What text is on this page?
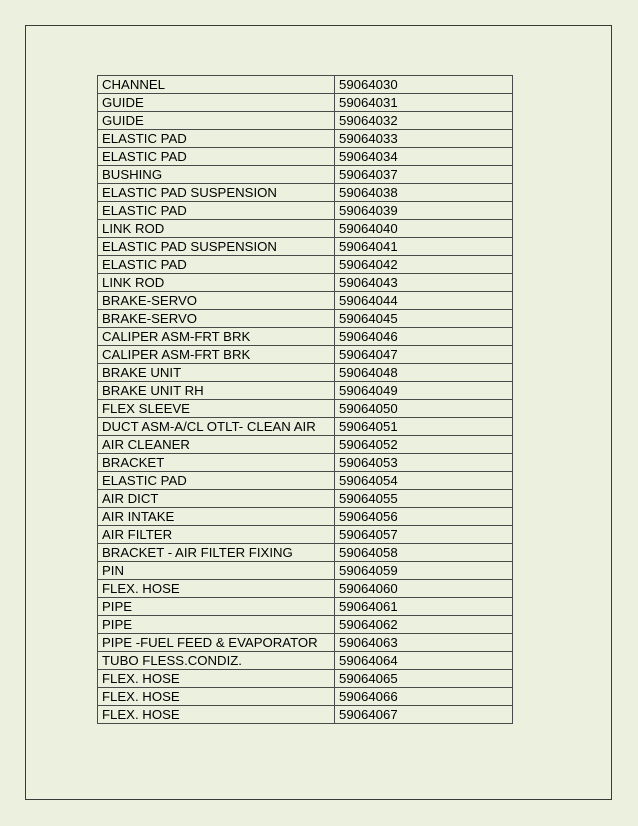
CHANNEL	59064030
GUIDE	59064031
GUIDE	59064032
ELASTIC PAD	59064033
ELASTIC PAD	59064034
BUSHING	59064037
ELASTIC PAD SUSPENSION	59064038
ELASTIC PAD	59064039
LINK ROD	59064040
ELASTIC PAD SUSPENSION	59064041
ELASTIC PAD	59064042
LINK ROD	59064043
BRAKE-SERVO	59064044
BRAKE-SERVO	59064045
CALIPER ASM-FRT BRK	59064046
CALIPER ASM-FRT BRK	59064047
BRAKE UNIT	59064048
BRAKE UNIT RH	59064049
FLEX SLEEVE	59064050
DUCT ASM-A/CL OTLT- CLEAN AIR	59064051
AIR CLEANER	59064052
BRACKET	59064053
ELASTIC PAD	59064054
AIR DICT	59064055
AIR INTAKE	59064056
AIR FILTER	59064057
BRACKET - AIR FILTER FIXING	59064058
PIN	59064059
FLEX. HOSE	59064060
PIPE	59064061
PIPE	59064062
PIPE -FUEL FEED & EVAPORATOR	59064063
TUBO FLESS.CONDIZ.	59064064
FLEX. HOSE	59064065
FLEX. HOSE	59064066
FLEX. HOSE	59064067
